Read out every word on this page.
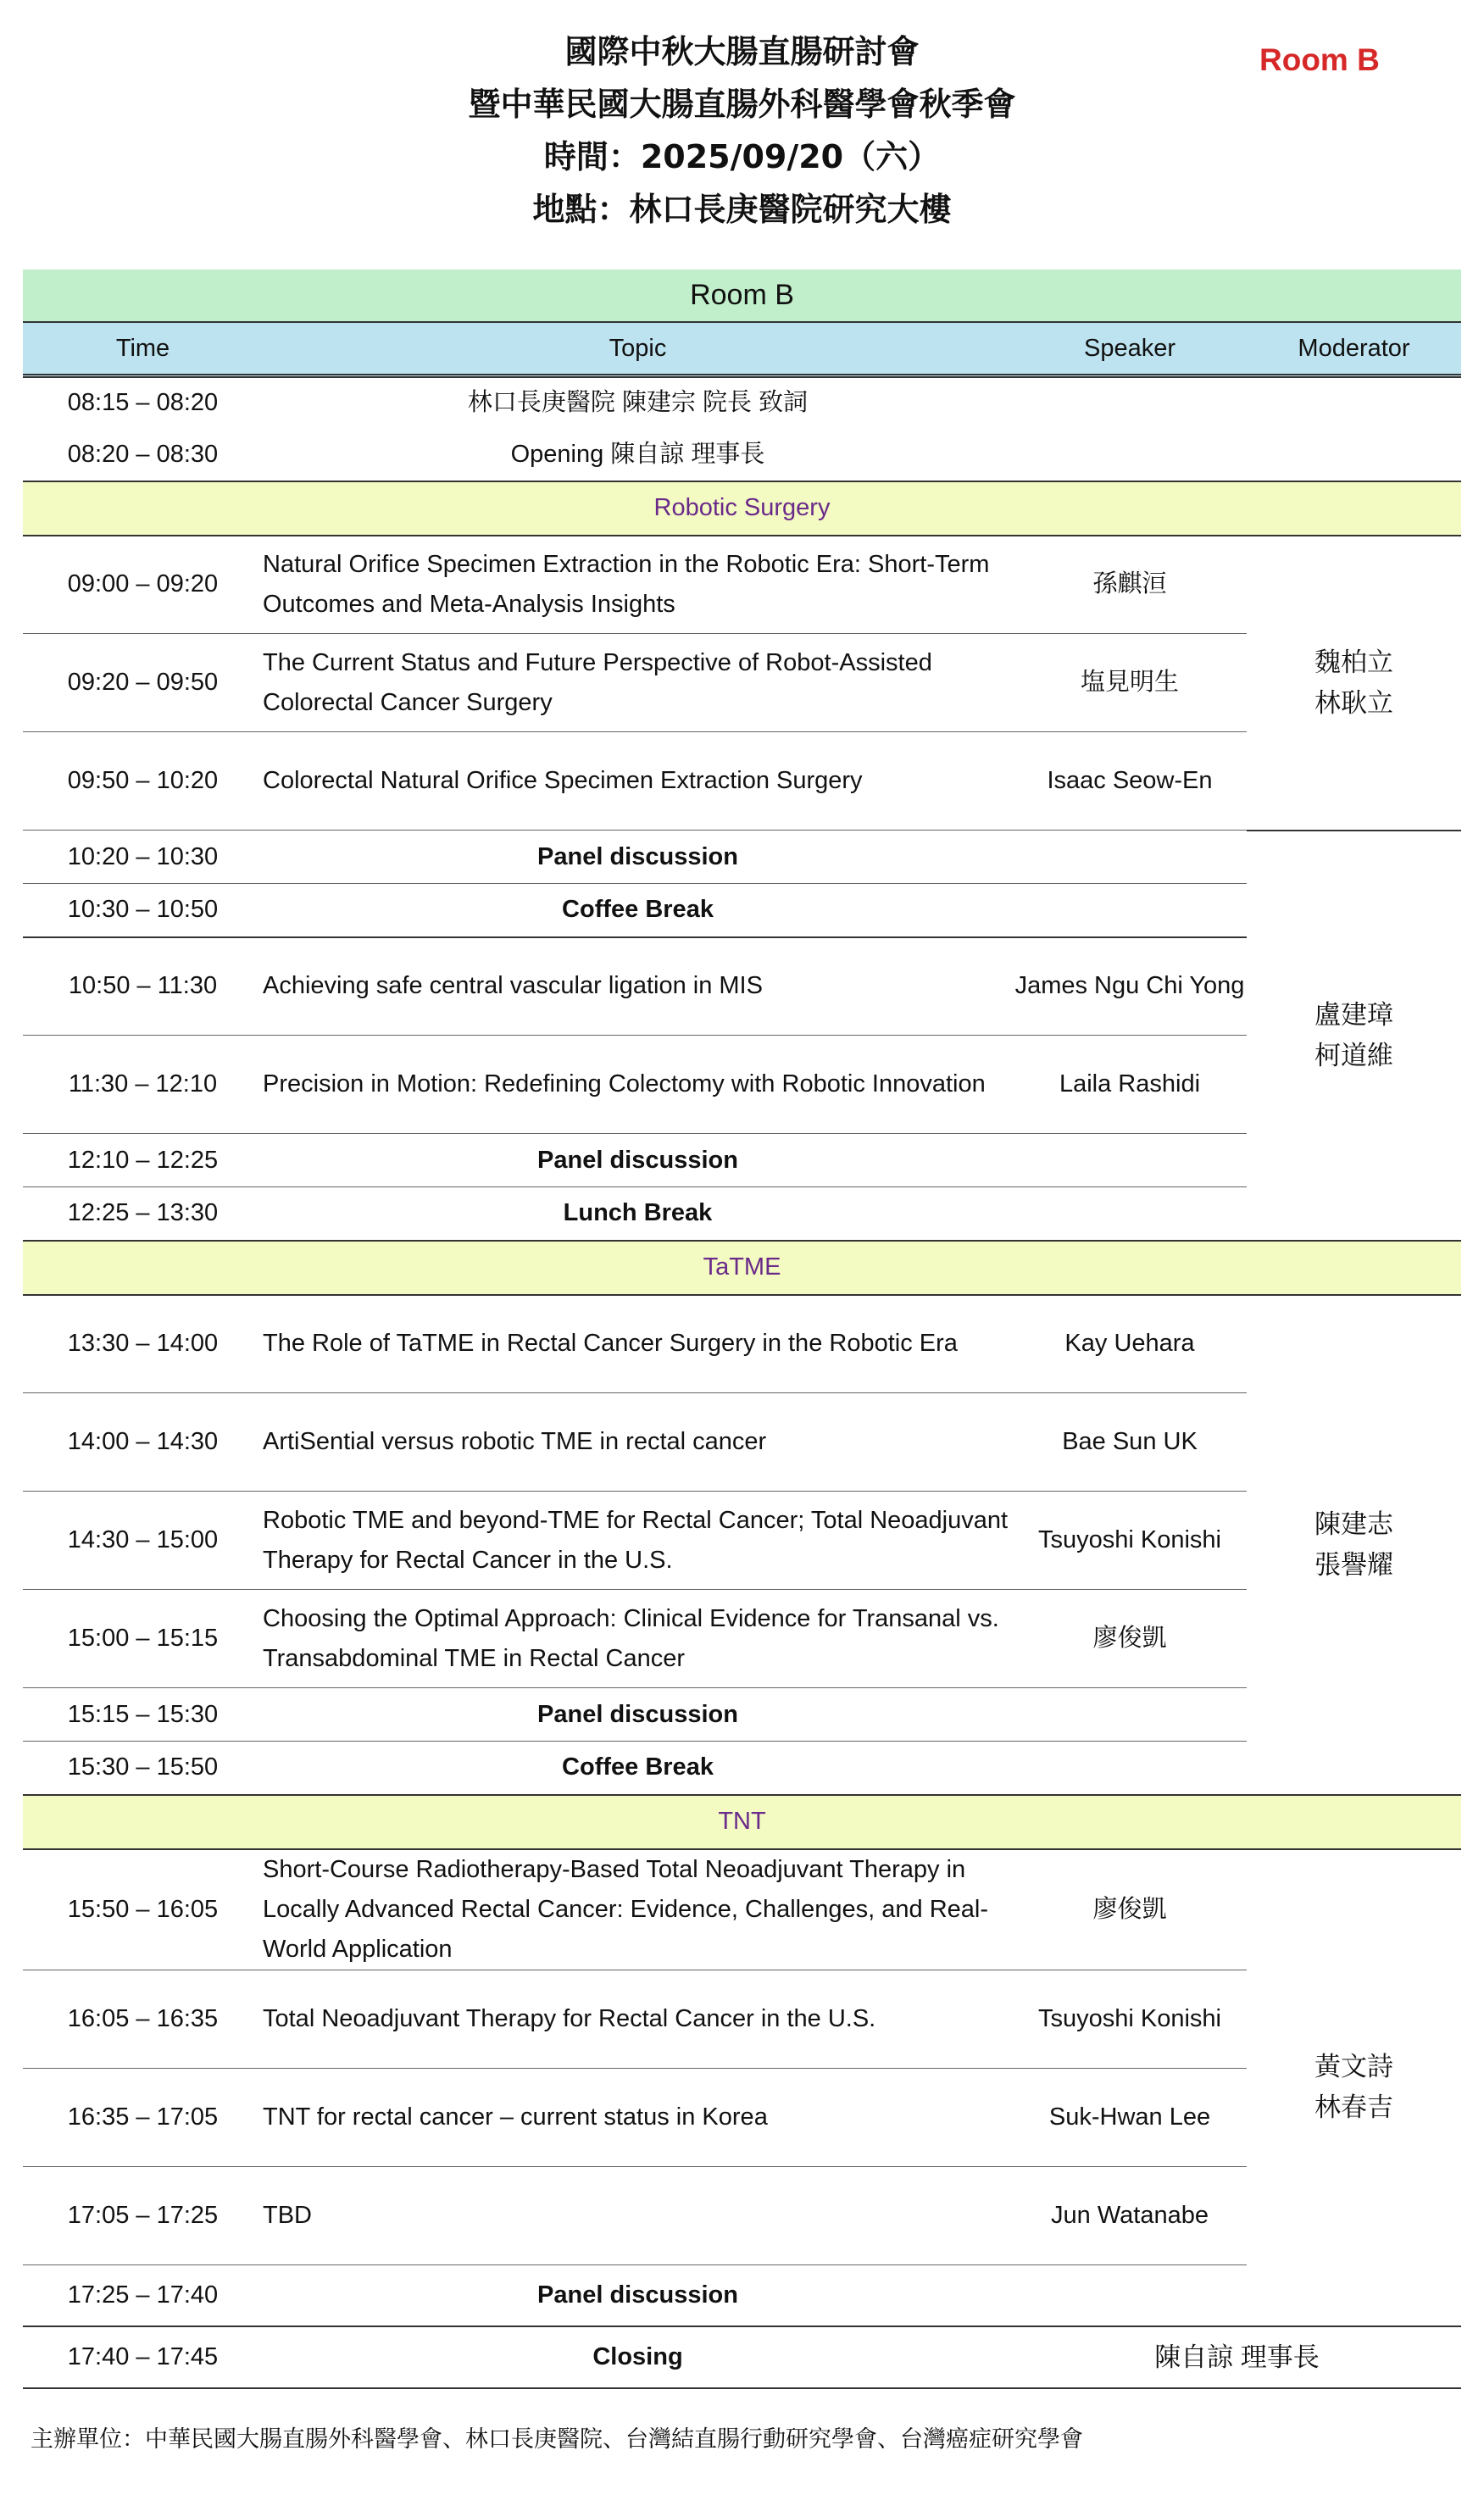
國際中秋大腸直腸研討會
暨中華民國大腸直腸外科醫學會秋季會
時間：2025/09/20（六）
地點：林口長庚醫院研究大樓
Room B
Room B			
Time	Topic	Speaker	Moderator
08:15 – 08:20	林口長庚醫院 陳建宗 院長 致詞		
08:20 – 08:30	Opening 陳自諒 理事長		
Robotic Surgery			
09:00 – 09:20	Natural Orifice Specimen Extraction in the Robotic Era: Short-Term Outcomes and Meta-Analysis Insights	孫麒洹	魏柏立
林耿立
09:20 – 09:50	The Current Status and Future Perspective of Robot-Assisted Colorectal Cancer Surgery	塩見明生	
09:50 – 10:20	Colorectal Natural Orifice Specimen Extraction Surgery	Isaac Seow-En	
10:20 – 10:30	Panel discussion		盧建璋
柯道維
10:30 – 10:50	Coffee Break		
10:50 – 11:30	Achieving safe central vascular ligation in MIS	James Ngu Chi Yong	
11:30 – 12:10	Precision in Motion: Redefining Colectomy with Robotic Innovation	Laila Rashidi	
12:10 – 12:25	Panel discussion		
12:25 – 13:30	Lunch Break		
TaTME			
13:30 – 14:00	The Role of TaTME in Rectal Cancer Surgery in the Robotic Era	Kay Uehara	陳建志
張譽耀
14:00 – 14:30	ArtiSential versus robotic TME in rectal cancer	Bae Sun UK	
14:30 – 15:00	Robotic TME and beyond-TME for Rectal Cancer; Total Neoadjuvant Therapy for Rectal Cancer in the U.S.	Tsuyoshi Konishi	
15:00 – 15:15	Choosing the Optimal Approach: Clinical Evidence for Transanal vs. Transabdominal TME in Rectal Cancer	廖俊凱	
15:15 – 15:30	Panel discussion		
15:30 – 15:50	Coffee Break		
TNT			
15:50 – 16:05	Short-Course Radiotherapy-Based Total Neoadjuvant Therapy in Locally Advanced Rectal Cancer: Evidence, Challenges, and Real-World Application	廖俊凱	黃文詩
林春吉
16:05 – 16:35	Total Neoadjuvant Therapy for Rectal Cancer in the U.S.	Tsuyoshi Konishi	
16:35 – 17:05	TNT for rectal cancer – current status in Korea	Suk-Hwan Lee	
17:05 – 17:25	TBD	Jun Watanabe	
17:25 – 17:40	Panel discussion		
17:40 – 17:45	Closing	陳自諒 理事長	
主辦單位：中華民國大腸直腸外科醫學會、林口長庚醫院、台灣結直腸行動研究學會、台灣癌症研究學會
